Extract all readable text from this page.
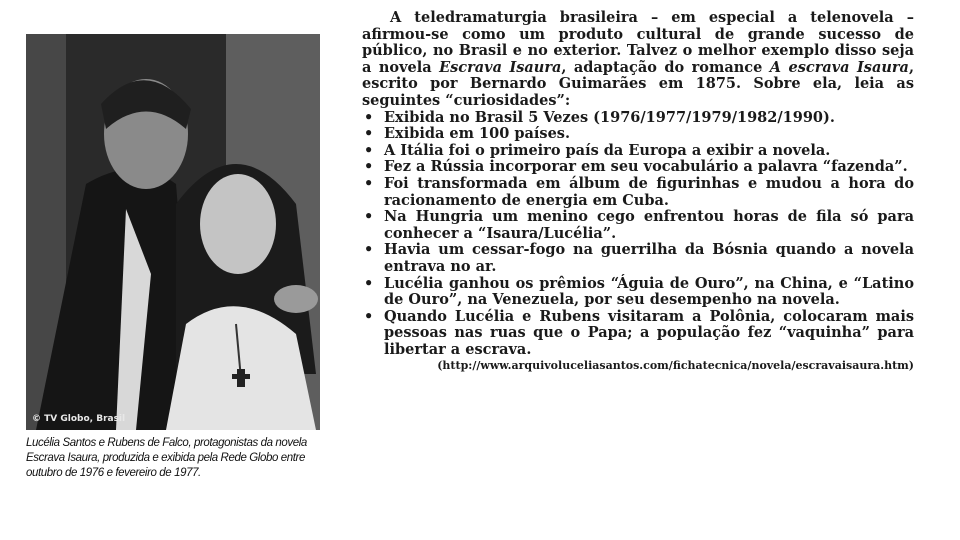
© TV Globo, Brasil
Lucélia Santos e Rubens de Falco, protagonistas da novela Escrava Isaura, produzida e exibida pela Rede Globo entre outubro de 1976 e fevereiro de 1977.

A teledramaturgia brasileira – em especial a telenovela – afirmou-se como um produto cultural de grande sucesso de público, no Brasil e no exterior. Talvez o melhor exemplo disso seja a novela Escrava Isaura, adaptação do romance A escrava Isaura, escrito por Bernardo Guimarães em 1875. Sobre ela, leia as seguintes “curiosidades”:

• Exibida no Brasil 5 Vezes (1976/1977/1979/1982/1990).
• Exibida em 100 países.
• A Itália foi o primeiro país da Europa a exibir a novela.
• Fez a Rússia incorporar em seu vocabulário a palavra “fazenda”.
• Foi transformada em álbum de figurinhas e mudou a hora do racionamento de energia em Cuba.
• Na Hungria um menino cego enfrentou horas de fila só para conhecer a “Isaura/Lucélia”.
• Havia um cessar-fogo na guerrilha da Bósnia quando a novela entrava no ar.
• Lucélia ganhou os prêmios “Águia de Ouro”, na China, e “Latino de Ouro”, na Venezuela, por seu desempenho na novela.
• Quando Lucélia e Rubens visitaram a Polônia, colocaram mais pessoas nas ruas que o Papa; a população fez “vaquinha” para libertar a escrava.

(http://www.arquivoluceliasantos.com/fichatecnica/novela/escravaisaura.htm)
